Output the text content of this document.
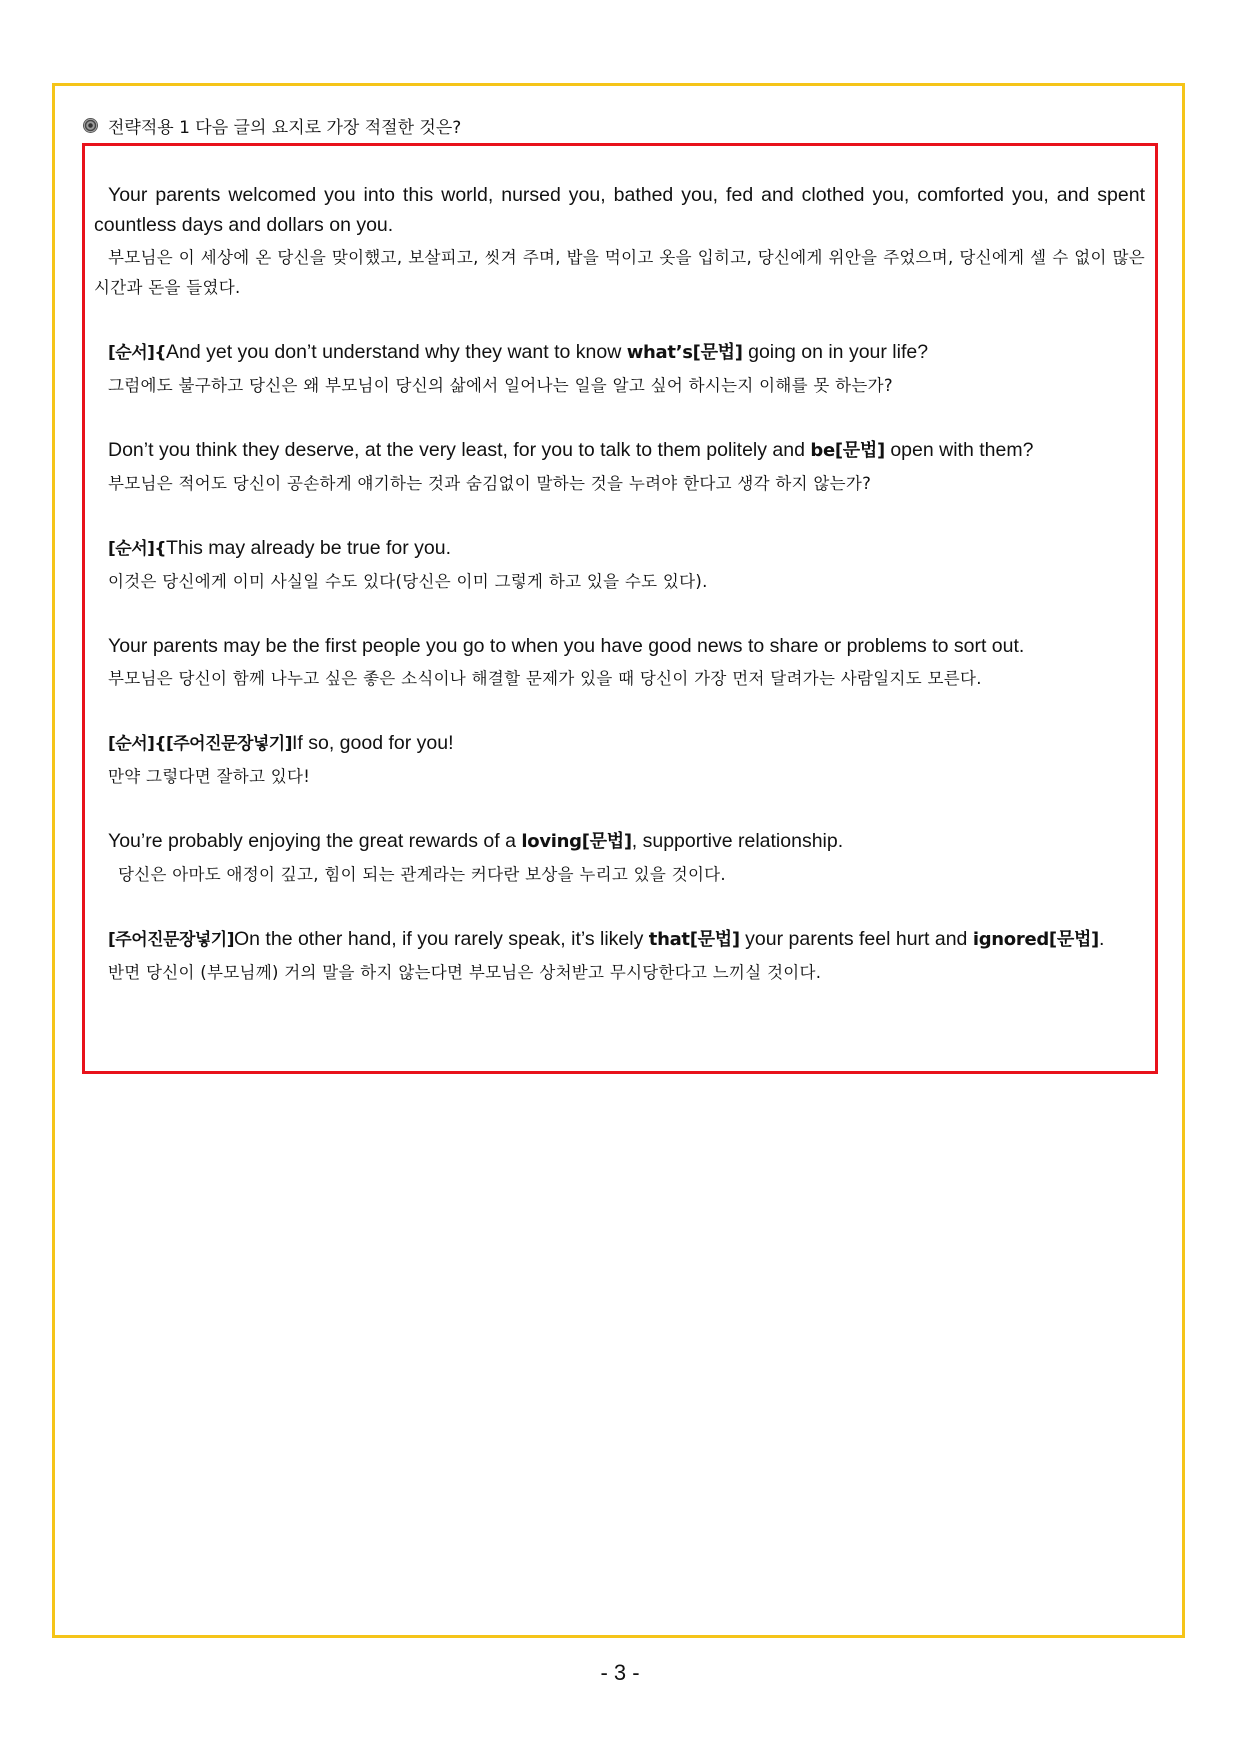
전략적용 1 다음 글의 요지로 가장 적절한 것은?

Your parents welcomed you into this world, nursed you, bathed you, fed and clothed you, comforted you, and spent countless days and dollars on you.

부모님은 이 세상에 온 당신을 맞이했고, 보살피고, 씻겨 주며, 밥을 먹이고 옷을 입히고, 당신에게 위안을 주었으며, 당신에게 셀 수 없이 많은 시간과 돈을 들였다.

[순서]{And yet you don’t understand why they want to know what’s[문법] going on in your life?

그럼에도 불구하고 당신은 왜 부모님이 당신의 삶에서 일어나는 일을 알고 싶어 하시는지 이해를 못 하는가?

Don’t you think they deserve, at the very least, for you to talk to them politely and be[문법] open with them?

부모님은 적어도 당신이 공손하게 얘기하는 것과 숨김없이 말하는 것을 누려야 한다고 생각 하지 않는가?

[순서]{This may already be true for you.

이것은 당신에게 이미 사실일 수도 있다(당신은 이미 그렇게 하고 있을 수도 있다).

Your parents may be the first people you go to when you have good news to share or problems to sort out.

부모님은 당신이 함께 나누고 싶은 좋은 소식이나 해결할 문제가 있을 때 당신이 가장 먼저 달려가는 사람일지도 모른다.

[순서]{[주어진문장넣기]If so, good for you!

만약 그렇다면 잘하고 있다!

You’re probably enjoying the great rewards of a loving[문법], supportive relationship.

당신은 아마도 애정이 깊고, 힘이 되는 관계라는 커다란 보상을 누리고 있을 것이다.

[주어진문장넣기]On the other hand, if you rarely speak, it’s likely that[문법] your parents feel hurt and ignored[문법].

반면 당신이 (부모님께) 거의 말을 하지 않는다면 부모님은 상처받고 무시당한다고 느끼실 것이다.

- 3 -
